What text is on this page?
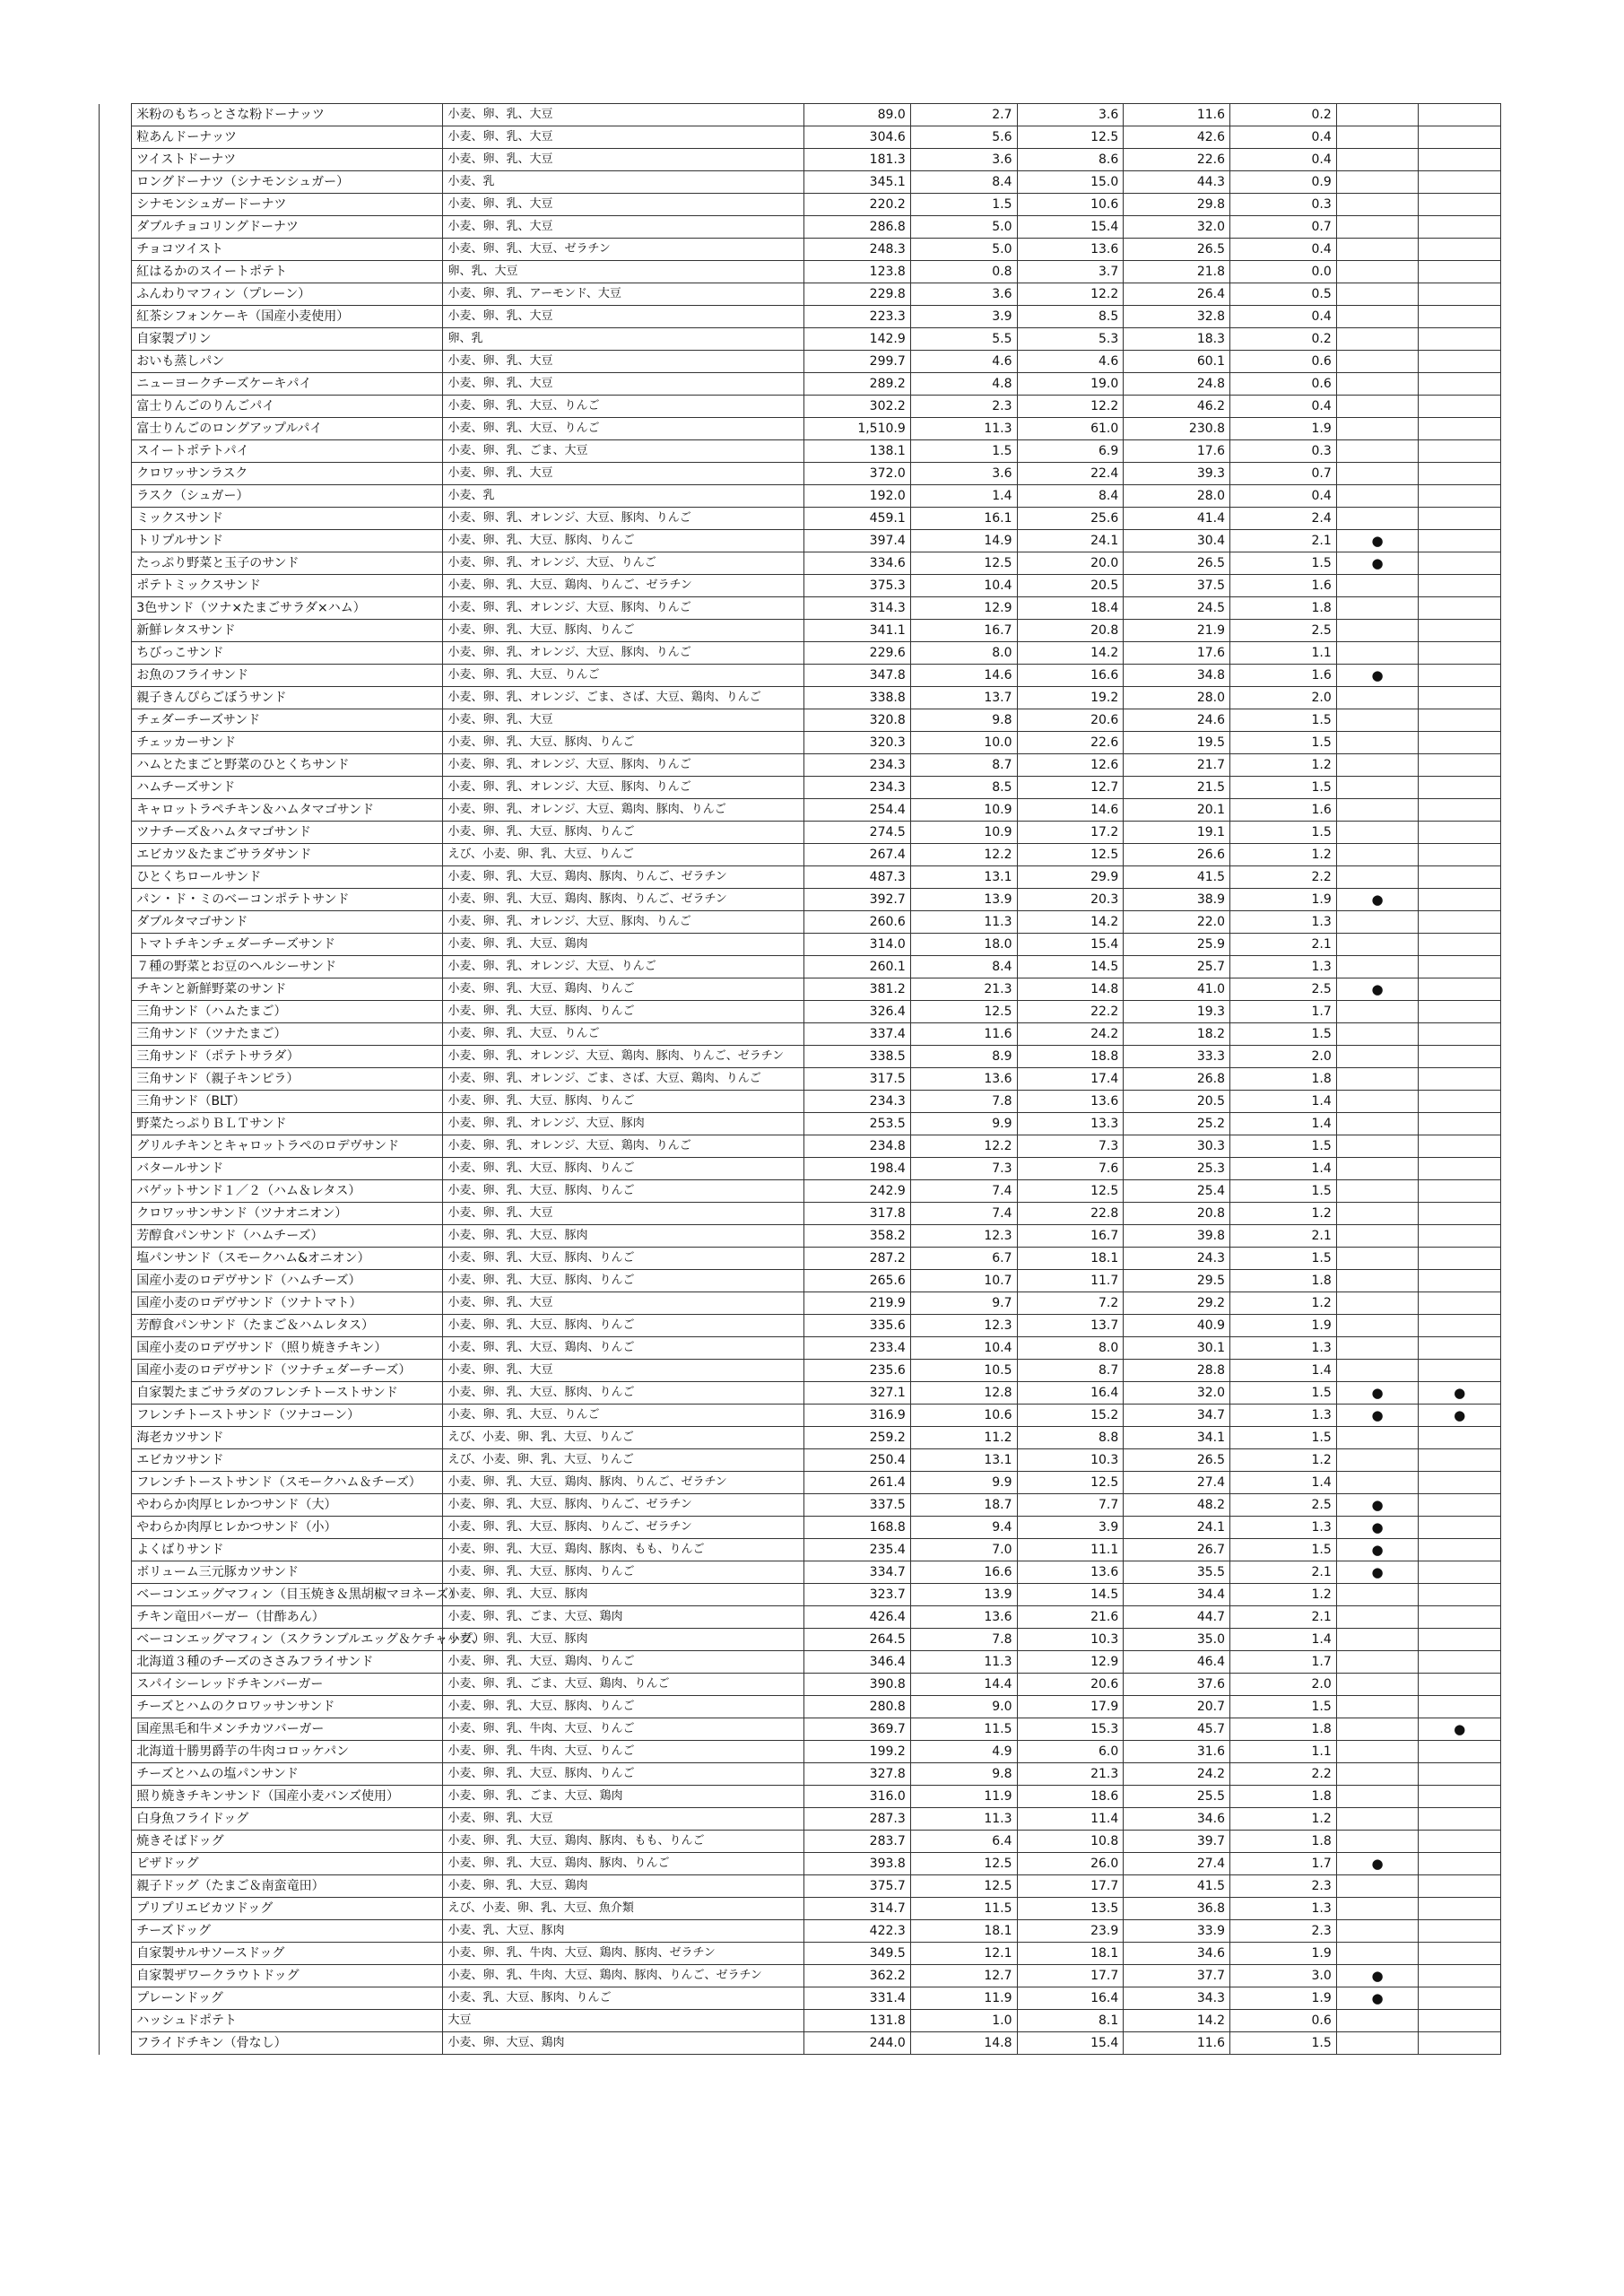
	米粉のもちっとさな粉ドーナッツ	小麦、卵、乳、大豆	89.0	2.7	3.6	11.6	0.2		
	粒あんドーナッツ	小麦、卵、乳、大豆	304.6	5.6	12.5	42.6	0.4		
	ツイストドーナツ	小麦、卵、乳、大豆	181.3	3.6	8.6	22.6	0.4		
	ロングドーナツ（シナモンシュガー）	小麦、乳	345.1	8.4	15.0	44.3	0.9		
	シナモンシュガードーナツ	小麦、卵、乳、大豆	220.2	1.5	10.6	29.8	0.3		
	ダブルチョコリングドーナツ	小麦、卵、乳、大豆	286.8	5.0	15.4	32.0	0.7		
	チョコツイスト	小麦、卵、乳、大豆、ゼラチン	248.3	5.0	13.6	26.5	0.4		
	紅はるかのスイートポテト	卵、乳、大豆	123.8	0.8	3.7	21.8	0.0		
	ふんわりマフィン（プレーン）	小麦、卵、乳、アーモンド、大豆	229.8	3.6	12.2	26.4	0.5		
	紅茶シフォンケーキ（国産小麦使用）	小麦、卵、乳、大豆	223.3	3.9	8.5	32.8	0.4		
	自家製プリン	卵、乳	142.9	5.5	5.3	18.3	0.2		
	おいも蒸しパン	小麦、卵、乳、大豆	299.7	4.6	4.6	60.1	0.6		
	ニューヨークチーズケーキパイ	小麦、卵、乳、大豆	289.2	4.8	19.0	24.8	0.6		
	富士りんごのりんごパイ	小麦、卵、乳、大豆、りんご	302.2	2.3	12.2	46.2	0.4		
	富士りんごのロングアップルパイ	小麦、卵、乳、大豆、りんご	1,510.9	11.3	61.0	230.8	1.9		
	スイートポテトパイ	小麦、卵、乳、ごま、大豆	138.1	1.5	6.9	17.6	0.3		
	クロワッサンラスク	小麦、卵、乳、大豆	372.0	3.6	22.4	39.3	0.7		
	ラスク（シュガー）	小麦、乳	192.0	1.4	8.4	28.0	0.4		
	ミックスサンド	小麦、卵、乳、オレンジ、大豆、豚肉、りんご	459.1	16.1	25.6	41.4	2.4		
	トリプルサンド	小麦、卵、乳、大豆、豚肉、りんご	397.4	14.9	24.1	30.4	2.1	●	
	たっぷり野菜と玉子のサンド	小麦、卵、乳、オレンジ、大豆、りんご	334.6	12.5	20.0	26.5	1.5	●	
	ポテトミックスサンド	小麦、卵、乳、大豆、鶏肉、りんご、ゼラチン	375.3	10.4	20.5	37.5	1.6		
	3色サンド（ツナ×たまごサラダ×ハム）	小麦、卵、乳、オレンジ、大豆、豚肉、りんご	314.3	12.9	18.4	24.5	1.8		
	新鮮レタスサンド	小麦、卵、乳、大豆、豚肉、りんご	341.1	16.7	20.8	21.9	2.5		
	ちびっこサンド	小麦、卵、乳、オレンジ、大豆、豚肉、りんご	229.6	8.0	14.2	17.6	1.1		
	お魚のフライサンド	小麦、卵、乳、大豆、りんご	347.8	14.6	16.6	34.8	1.6	●	
	親子きんぴらごぼうサンド	小麦、卵、乳、オレンジ、ごま、さば、大豆、鶏肉、りんご	338.8	13.7	19.2	28.0	2.0		
	チェダーチーズサンド	小麦、卵、乳、大豆	320.8	9.8	20.6	24.6	1.5		
	チェッカーサンド	小麦、卵、乳、大豆、豚肉、りんご	320.3	10.0	22.6	19.5	1.5		
	ハムとたまごと野菜のひとくちサンド	小麦、卵、乳、オレンジ、大豆、豚肉、りんご	234.3	8.7	12.6	21.7	1.2		
	ハムチーズサンド	小麦、卵、乳、オレンジ、大豆、豚肉、りんご	234.3	8.5	12.7	21.5	1.5		
	キャロットラペチキン＆ハムタマゴサンド	小麦、卵、乳、オレンジ、大豆、鶏肉、豚肉、りんご	254.4	10.9	14.6	20.1	1.6		
	ツナチーズ＆ハムタマゴサンド	小麦、卵、乳、大豆、豚肉、りんご	274.5	10.9	17.2	19.1	1.5		
	エビカツ＆たまごサラダサンド	えび、小麦、卵、乳、大豆、りんご	267.4	12.2	12.5	26.6	1.2		
	ひとくちロールサンド	小麦、卵、乳、大豆、鶏肉、豚肉、りんご、ゼラチン	487.3	13.1	29.9	41.5	2.2		
	パン・ド・ミのベーコンポテトサンド	小麦、卵、乳、大豆、鶏肉、豚肉、りんご、ゼラチン	392.7	13.9	20.3	38.9	1.9	●	
	ダブルタマゴサンド	小麦、卵、乳、オレンジ、大豆、豚肉、りんご	260.6	11.3	14.2	22.0	1.3		
	トマトチキンチェダーチーズサンド	小麦、卵、乳、大豆、鶏肉	314.0	18.0	15.4	25.9	2.1		
	７種の野菜とお豆のヘルシーサンド	小麦、卵、乳、オレンジ、大豆、りんご	260.1	8.4	14.5	25.7	1.3		
	チキンと新鮮野菜のサンド	小麦、卵、乳、大豆、鶏肉、りんご	381.2	21.3	14.8	41.0	2.5	●	
	三角サンド（ハムたまご）	小麦、卵、乳、大豆、豚肉、りんご	326.4	12.5	22.2	19.3	1.7		
	三角サンド（ツナたまご）	小麦、卵、乳、大豆、りんご	337.4	11.6	24.2	18.2	1.5		
	三角サンド（ポテトサラダ）	小麦、卵、乳、オレンジ、大豆、鶏肉、豚肉、りんご、ゼラチン	338.5	8.9	18.8	33.3	2.0		
	三角サンド（親子キンピラ）	小麦、卵、乳、オレンジ、ごま、さば、大豆、鶏肉、りんご	317.5	13.6	17.4	26.8	1.8		
	三角サンド（BLT）	小麦、卵、乳、大豆、豚肉、りんご	234.3	7.8	13.6	20.5	1.4		
	野菜たっぷりＢＬＴサンド	小麦、卵、乳、オレンジ、大豆、豚肉	253.5	9.9	13.3	25.2	1.4		
	グリルチキンとキャロットラペのロデヴサンド	小麦、卵、乳、オレンジ、大豆、鶏肉、りんご	234.8	12.2	7.3	30.3	1.5		
	バタールサンド	小麦、卵、乳、大豆、豚肉、りんご	198.4	7.3	7.6	25.3	1.4		
	バゲットサンド１／２（ハム＆レタス）	小麦、卵、乳、大豆、豚肉、りんご	242.9	7.4	12.5	25.4	1.5		
	クロワッサンサンド（ツナオニオン）	小麦、卵、乳、大豆	317.8	7.4	22.8	20.8	1.2		
	芳醇食パンサンド（ハムチーズ）	小麦、卵、乳、大豆、豚肉	358.2	12.3	16.7	39.8	2.1		
	塩パンサンド（スモークハム&オニオン）	小麦、卵、乳、大豆、豚肉、りんご	287.2	6.7	18.1	24.3	1.5		
	国産小麦のロデヴサンド（ハムチーズ）	小麦、卵、乳、大豆、豚肉、りんご	265.6	10.7	11.7	29.5	1.8		
	国産小麦のロデヴサンド（ツナトマト）	小麦、卵、乳、大豆	219.9	9.7	7.2	29.2	1.2		
	芳醇食パンサンド（たまご＆ハムレタス）	小麦、卵、乳、大豆、豚肉、りんご	335.6	12.3	13.7	40.9	1.9		
	国産小麦のロデヴサンド（照り焼きチキン）	小麦、卵、乳、大豆、鶏肉、りんご	233.4	10.4	8.0	30.1	1.3		
	国産小麦のロデヴサンド（ツナチェダーチーズ）	小麦、卵、乳、大豆	235.6	10.5	8.7	28.8	1.4		
	自家製たまごサラダのフレンチトーストサンド	小麦、卵、乳、大豆、豚肉、りんご	327.1	12.8	16.4	32.0	1.5	●	●
	フレンチトーストサンド（ツナコーン）	小麦、卵、乳、大豆、りんご	316.9	10.6	15.2	34.7	1.3	●	●
	海老カツサンド	えび、小麦、卵、乳、大豆、りんご	259.2	11.2	8.8	34.1	1.5		
	エビカツサンド	えび、小麦、卵、乳、大豆、りんご	250.4	13.1	10.3	26.5	1.2		
	フレンチトーストサンド（スモークハム＆チーズ）	小麦、卵、乳、大豆、鶏肉、豚肉、りんご、ゼラチン	261.4	9.9	12.5	27.4	1.4		
	やわらか肉厚ヒレかつサンド（大）	小麦、卵、乳、大豆、豚肉、りんご、ゼラチン	337.5	18.7	7.7	48.2	2.5	●	
	やわらか肉厚ヒレかつサンド（小）	小麦、卵、乳、大豆、豚肉、りんご、ゼラチン	168.8	9.4	3.9	24.1	1.3	●	
	よくばりサンド	小麦、卵、乳、大豆、鶏肉、豚肉、もも、りんご	235.4	7.0	11.1	26.7	1.5	●	
	ボリューム三元豚カツサンド	小麦、卵、乳、大豆、豚肉、りんご	334.7	16.6	13.6	35.5	2.1	●	
	ベーコンエッグマフィン（目玉焼き＆黒胡椒マヨネーズ）	小麦、卵、乳、大豆、豚肉	323.7	13.9	14.5	34.4	1.2		
	チキン竜田バーガー（甘酢あん）	小麦、卵、乳、ごま、大豆、鶏肉	426.4	13.6	21.6	44.7	2.1		
	ベーコンエッグマフィン（スクランブルエッグ＆ケチャップ）	小麦、卵、乳、大豆、豚肉	264.5	7.8	10.3	35.0	1.4		
	北海道３種のチーズのささみフライサンド	小麦、卵、乳、大豆、鶏肉、りんご	346.4	11.3	12.9	46.4	1.7		
	スパイシーレッドチキンバーガー	小麦、卵、乳、ごま、大豆、鶏肉、りんご	390.8	14.4	20.6	37.6	2.0		
	チーズとハムのクロワッサンサンド	小麦、卵、乳、大豆、豚肉、りんご	280.8	9.0	17.9	20.7	1.5		
	国産黒毛和牛メンチカツバーガー	小麦、卵、乳、牛肉、大豆、りんご	369.7	11.5	15.3	45.7	1.8		●
	北海道十勝男爵芋の牛肉コロッケパン	小麦、卵、乳、牛肉、大豆、りんご	199.2	4.9	6.0	31.6	1.1		
	チーズとハムの塩パンサンド	小麦、卵、乳、大豆、豚肉、りんご	327.8	9.8	21.3	24.2	2.2		
	照り焼きチキンサンド（国産小麦バンズ使用）	小麦、卵、乳、ごま、大豆、鶏肉	316.0	11.9	18.6	25.5	1.8		
	白身魚フライドッグ	小麦、卵、乳、大豆	287.3	11.3	11.4	34.6	1.2		
	焼きそばドッグ	小麦、卵、乳、大豆、鶏肉、豚肉、もも、りんご	283.7	6.4	10.8	39.7	1.8		
	ピザドッグ	小麦、卵、乳、大豆、鶏肉、豚肉、りんご	393.8	12.5	26.0	27.4	1.7	●	
	親子ドッグ（たまご＆南蛮竜田）	小麦、卵、乳、大豆、鶏肉	375.7	12.5	17.7	41.5	2.3		
	プリプリエビカツドッグ	えび、小麦、卵、乳、大豆、魚介類	314.7	11.5	13.5	36.8	1.3		
	チーズドッグ	小麦、乳、大豆、豚肉	422.3	18.1	23.9	33.9	2.3		
	自家製サルサソースドッグ	小麦、卵、乳、牛肉、大豆、鶏肉、豚肉、ゼラチン	349.5	12.1	18.1	34.6	1.9		
	自家製ザワークラウトドッグ	小麦、卵、乳、牛肉、大豆、鶏肉、豚肉、りんご、ゼラチン	362.2	12.7	17.7	37.7	3.0	●	
	プレーンドッグ	小麦、乳、大豆、豚肉、りんご	331.4	11.9	16.4	34.3	1.9	●	
	ハッシュドポテト	大豆	131.8	1.0	8.1	14.2	0.6		
	フライドチキン（骨なし）	小麦、卵、大豆、鶏肉	244.0	14.8	15.4	11.6	1.5		
